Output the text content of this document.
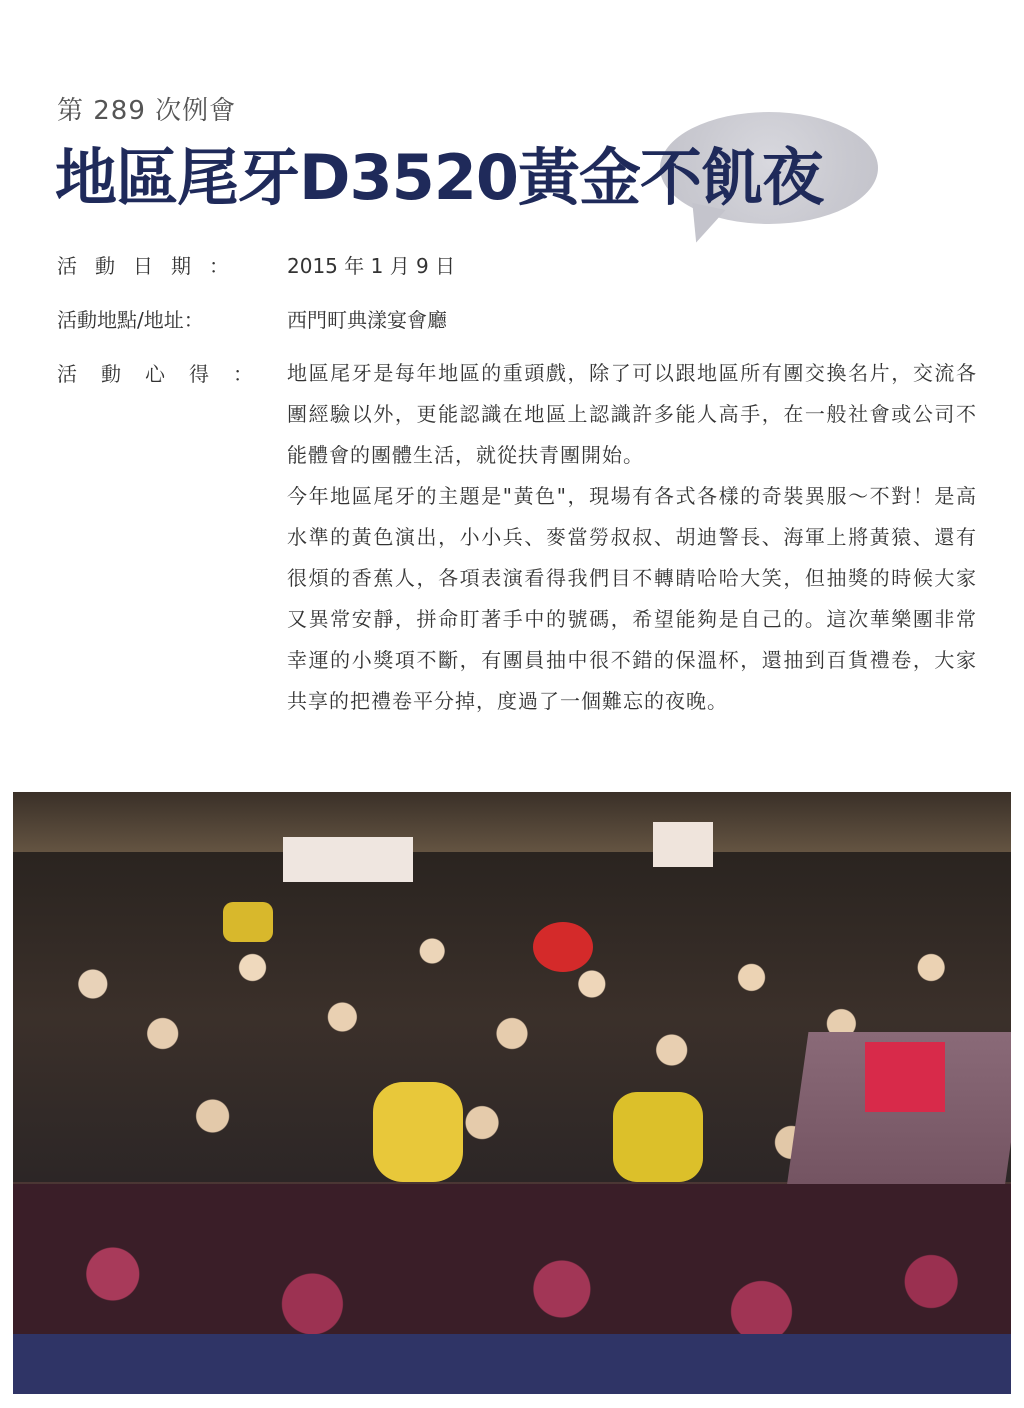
第 289 次例會
地區尾牙D3520黃金不飢夜
活動日期： 2015 年 1 月 9 日
活動地點/地址：	西門町典漾宴會廳
活動心得： 地區尾牙是每年地區的重頭戲，除了可以跟地區所有團交換名片，交流各團經驗以外，更能認識在地區上認識許多能人高手，在一般社會或公司不能體會的團體生活，就從扶青團開始。

今年地區尾牙的主題是"黃色"，現場有各式各樣的奇裝異服～不對！是高水準的黃色演出，小小兵、麥當勞叔叔、胡迪警長、海軍上將黃猿、還有很煩的香蕉人，各項表演看得我們目不轉睛哈哈大笑，但抽獎的時候大家又異常安靜，拼命盯著手中的號碼，希望能夠是自己的。這次華樂團非常幸運的小獎項不斷，有團員抽中很不錯的保溫杯，還抽到百貨禮卷，大家共享的把禮卷平分掉，度過了一個難忘的夜晚。
